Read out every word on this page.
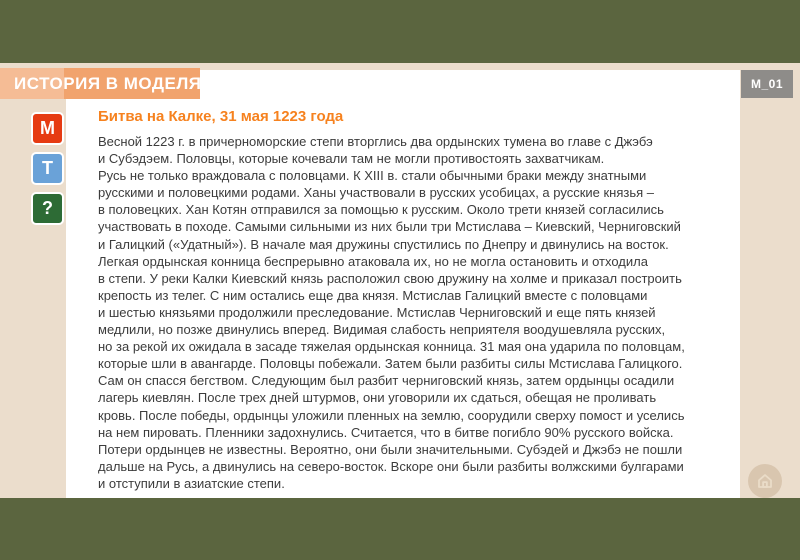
ИСТОРИЯ В МОДЕЛЯХ	M_01
M
T
?
Битва на Калке, 31 мая 1223 года
Весной 1223 г. в причерноморские степи вторглись два ордынских тумена во главе с Джэбэ
и Субэдэем. Половцы, которые кочевали там не могли противостоять захватчикам.
Русь не только враждовала с половцами. К XIII в. стали обычными браки между знатными
русскими и половецкими родами. Ханы участвовали в русских усобицах, а русские князья –
в половецких. Хан Котян отправился за помощью к русским. Около трети князей согласились
участвовать в походе. Самыми сильными из них были три Мстислава – Киевский, Черниговский
и Галицкий («Удатный»). В начале мая дружины спустились по Днепру и двинулись на восток.
Легкая ордынская конница беспрерывно атаковала их, но не могла остановить и отходила
в степи. У реки Калки Киевский князь расположил свою дружину на холме и приказал построить
крепость из телег. С ним остались еще два князя. Мстислав Галицкий вместе с половцами
и шестью князьями продолжили преследование. Мстислав Черниговский и еще пять князей
медлили, но позже двинулись вперед. Видимая слабость неприятеля воодушевляла русских,
но за рекой их ожидала в засаде тяжелая ордынская конница. 31 мая она ударила по половцам,
которые шли в авангарде. Половцы побежали. Затем были разбиты силы Мстислава Галицкого.
Сам он спасся бегством. Следующим был разбит черниговский князь, затем ордынцы осадили
лагерь киевлян. После трех дней штурмов, они уговорили их сдаться, обещая не проливать
кровь. После победы, ордынцы уложили пленных на землю, соорудили сверху помост и уселись
на нем пировать. Пленники задохнулись. Считается, что в битве погибло 90% русского войска.
Потери ордынцев не известны. Вероятно, они были значительными. Субэдей и Джэбэ не пошли
дальше на Русь, а двинулись на северо-восток. Вскоре они были разбиты волжскими булгарами
и отступили в азиатские степи.
